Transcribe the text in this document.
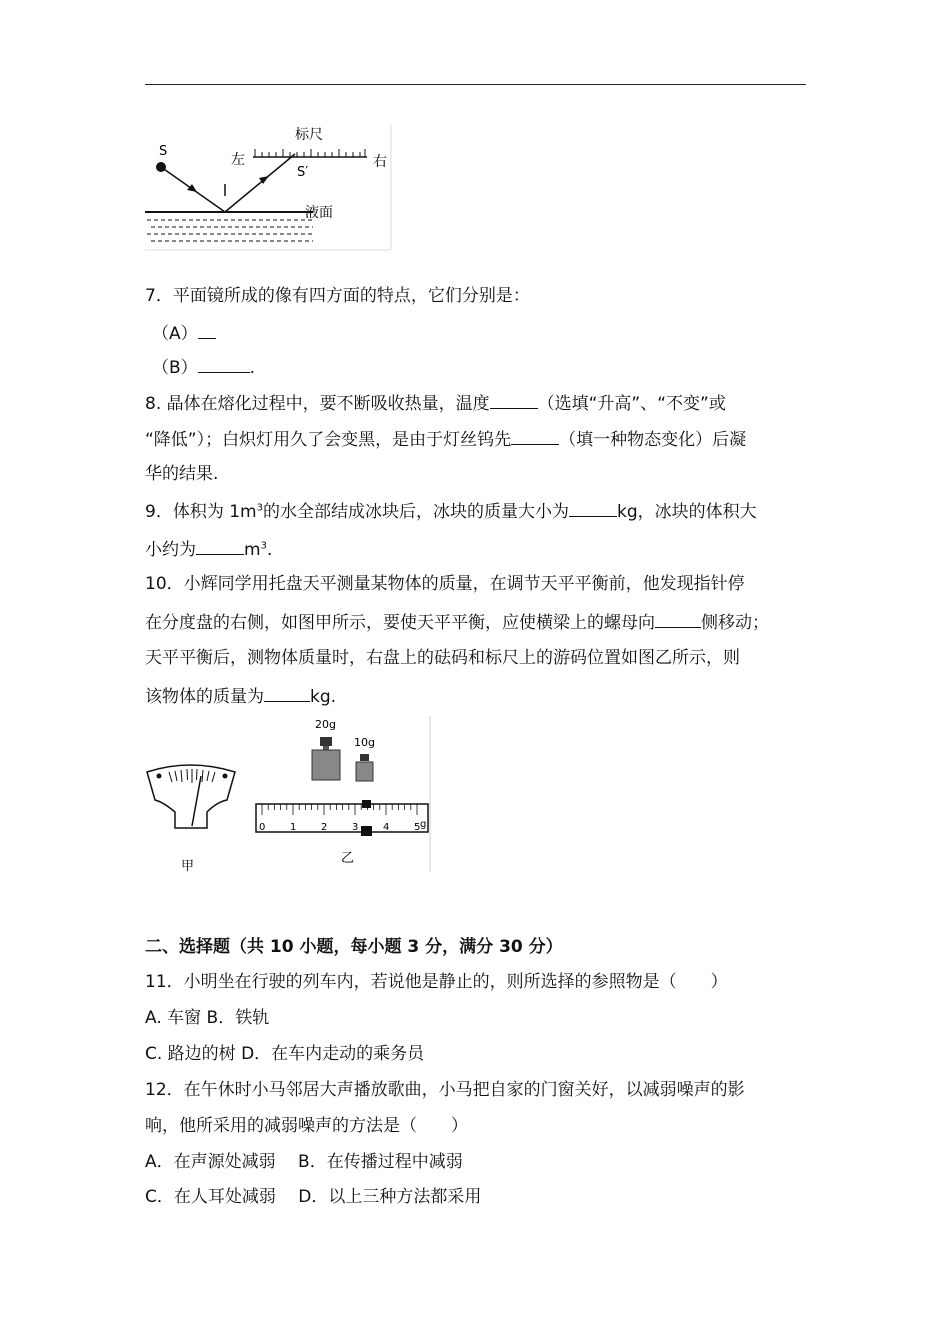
S
左
标尺
S′
右
液面
7．平面镜所成的像有四方面的特点，它们分别是：
（A）
（B）	.
8. 晶体在熔化过程中，要不断吸收热量，温度	（选填“升高”、“不变”或
“降低”）；白炽灯用久了会变黑，是由于灯丝钨先	（填一种物态变化）后凝
华的结果.
9．体积为 $1m^3$的水全部结成冰块后，冰块的质量大小为	kg，冰块的体积大
小约为	$m^3$.
10．小辉同学用托盘天平测量某物体的质量，在调节天平平衡前，他发现指针停
在分度盘的右侧，如图甲所示，要使天平平衡，应使横梁上的螺母向	侧移动；
天平平衡后，测物体质量时，右盘上的砝码和标尺上的游码位置如图乙所示，则
该物体的质量为	kg.
甲
20g
10g
0 1 2 3 4 5 g
乙
二、选择题（共 10 小题，每小题 3 分，满分 30 分）
11．小明坐在行驶的列车内，若说他是静止的，则所选择的参照物是（　　）
A. 车窗 B．铁轨
C. 路边的树 D．在车内走动的乘务员
12．在午休时小马邻居大声播放歌曲，小马把自家的门窗关好，以减弱噪声的影
响，他所采用的减弱噪声的方法是（　　）
A．在声源处减弱　 B．在传播过程中减弱
C．在人耳处减弱　 D．以上三种方法都采用
